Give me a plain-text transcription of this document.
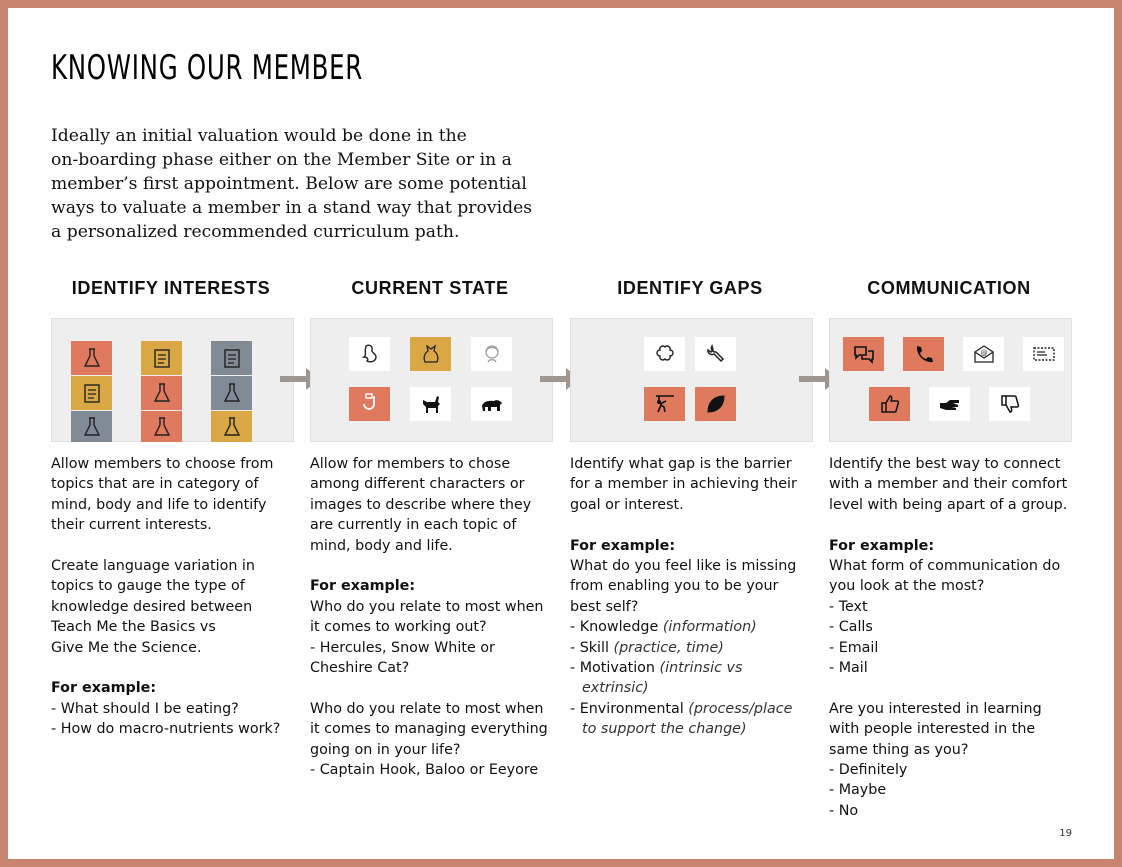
KNOWING OUR MEMBER

Ideally an initial valuation would be done in the
on-boarding phase either on the Member Site or in a
member’s first appointment. Below are some potential
ways to valuate a member in a stand way that provides
a personalized recommended curriculum path.

IDENTIFY INTERESTS

Allow members to choose from topics that are in category of mind, body and life to identify their current interests.

Create language variation in topics to gauge the type of knowledge desired between Teach Me the Basics vs
Give Me the Science.

For example:
- What should I be eating?
- How do macro-nutrients work?
CURRENT STATE

Allow for members to chose among different characters or images to describe where they are currently in each topic of mind, body and life.

For example:

Who do you relate to most when it comes to working out?
- Hercules, Snow White or Cheshire Cat?

Who do you relate to most when it comes to managing everything going on in your life?
- Captain Hook, Baloo or Eeyore

IDENTIFY GAPS

Identify what gap is the barrier for a member in achieving their goal or interest.

For example:
What do you feel like is missing from enabling you to be your best self?
- Knowledge (information)
- Skill (practice, time)
- Motivation (intrinsic vs extrinsic)
- Environmental (process/place to support the change)
COMMUNICATION
@

Identify the best way to connect with a member and their comfort level with being apart of a group.

For example:
What form of communication do you look at the most?
- Text
- Calls
- Email
- Mail
Are you interested in learning with people interested in the same thing as you?
- Definitely
- Maybe
- No
19
